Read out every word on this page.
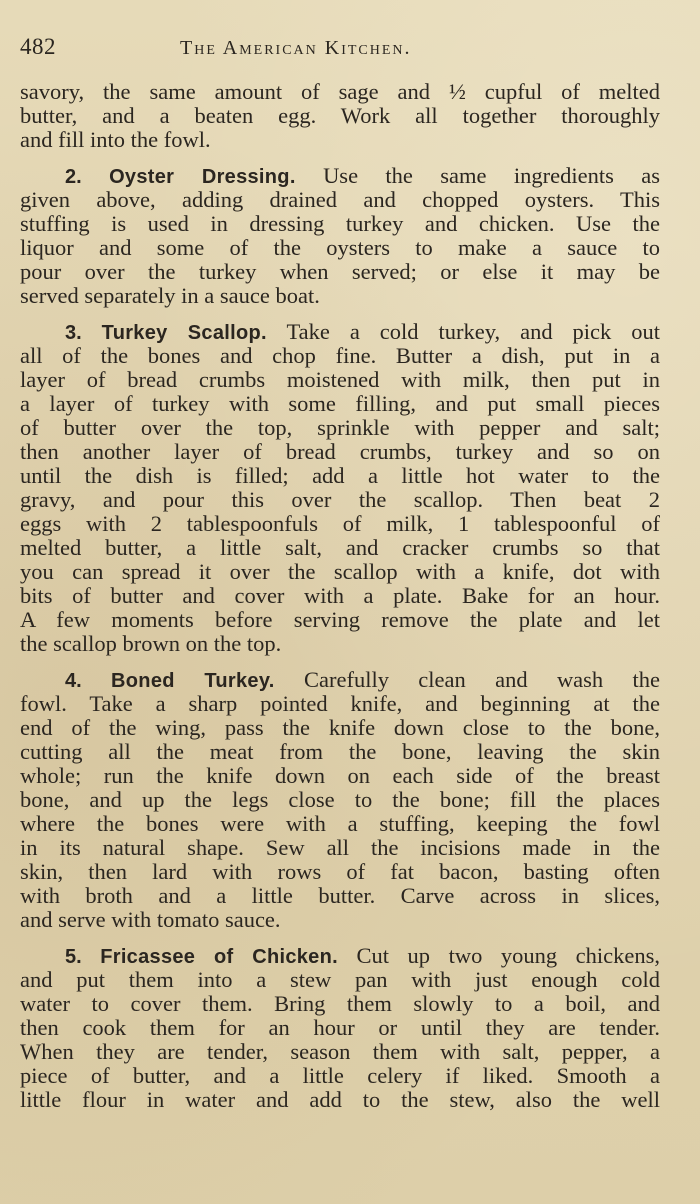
482	The American Kitchen.
savory, the same amount of sage and ½ cupful of melted
butter, and a beaten egg. Work all together thoroughly
and fill into the fowl.
2. Oyster Dressing. Use the same ingredients as
given above, adding drained and chopped oysters. This
stuffing is used in dressing turkey and chicken. Use the
liquor and some of the oysters to make a sauce to
pour over the turkey when served; or else it may be
served separately in a sauce boat.
3. Turkey Scallop. Take a cold turkey, and pick out
all of the bones and chop fine. Butter a dish, put in a
layer of bread crumbs moistened with milk, then put in
a layer of turkey with some filling, and put small pieces
of butter over the top, sprinkle with pepper and salt;
then another layer of bread crumbs, turkey and so on
until the dish is filled; add a little hot water to the
gravy, and pour this over the scallop. Then beat 2
eggs with 2 tablespoonfuls of milk, 1 tablespoonful of
melted butter, a little salt, and cracker crumbs so that
you can spread it over the scallop with a knife, dot with
bits of butter and cover with a plate. Bake for an hour.
A few moments before serving remove the plate and let
the scallop brown on the top.
4. Boned Turkey. Carefully clean and wash the
fowl. Take a sharp pointed knife, and beginning at the
end of the wing, pass the knife down close to the bone,
cutting all the meat from the bone, leaving the skin
whole; run the knife down on each side of the breast
bone, and up the legs close to the bone; fill the places
where the bones were with a stuffing, keeping the fowl
in its natural shape. Sew all the incisions made in the
skin, then lard with rows of fat bacon, basting often
with broth and a little butter. Carve across in slices,
and serve with tomato sauce.
5. Fricassee of Chicken. Cut up two young chickens,
and put them into a stew pan with just enough cold
water to cover them. Bring them slowly to a boil, and
then cook them for an hour or until they are tender.
When they are tender, season them with salt, pepper, a
piece of butter, and a little celery if liked. Smooth a
little flour in water and add to the stew, also the well
